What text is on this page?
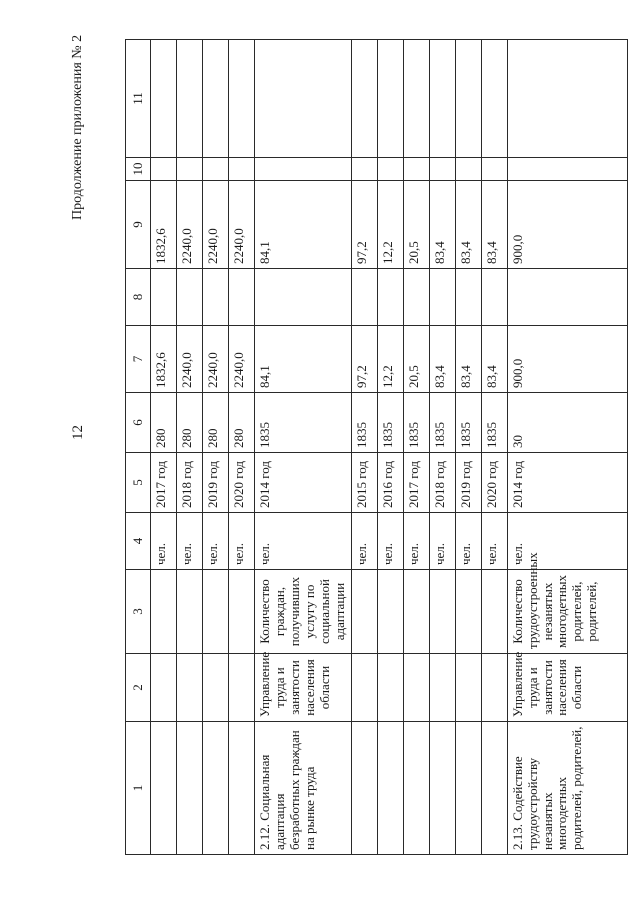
12
Продолжение приложения № 2
1	2	3	4	5	6	7	8	9	10	11
			чел.	2017 год	280	1832,6		1832,6		
			чел.	2018 год	280	2240,0		2240,0		
			чел.	2019 год	280	2240,0		2240,0		
			чел.	2020 год	280	2240,0		2240,0		
2.12. Социальная адаптация безработных граждан на рынке труда	Управление труда и занятости населения области	Количество граждан, получивших услугу по социальной адаптации	чел.	2014 год	1835	84,1		84,1		
			чел.	2015 год	1835	97,2		97,2		
			чел.	2016 год	1835	12,2		12,2		
			чел.	2017 год	1835	20,5		20,5		
			чел.	2018 год	1835	83,4		83,4		
			чел.	2019 год	1835	83,4		83,4		
			чел.	2020 год	1835	83,4		83,4		
2.13. Содействие трудоустройству незанятых многодетных родителей, родителей,	Управление труда и занятости населения области	Количество трудоустроенных незанятых многодетных родителей, родителей,	чел.	2014 год	30	900,0		900,0		
